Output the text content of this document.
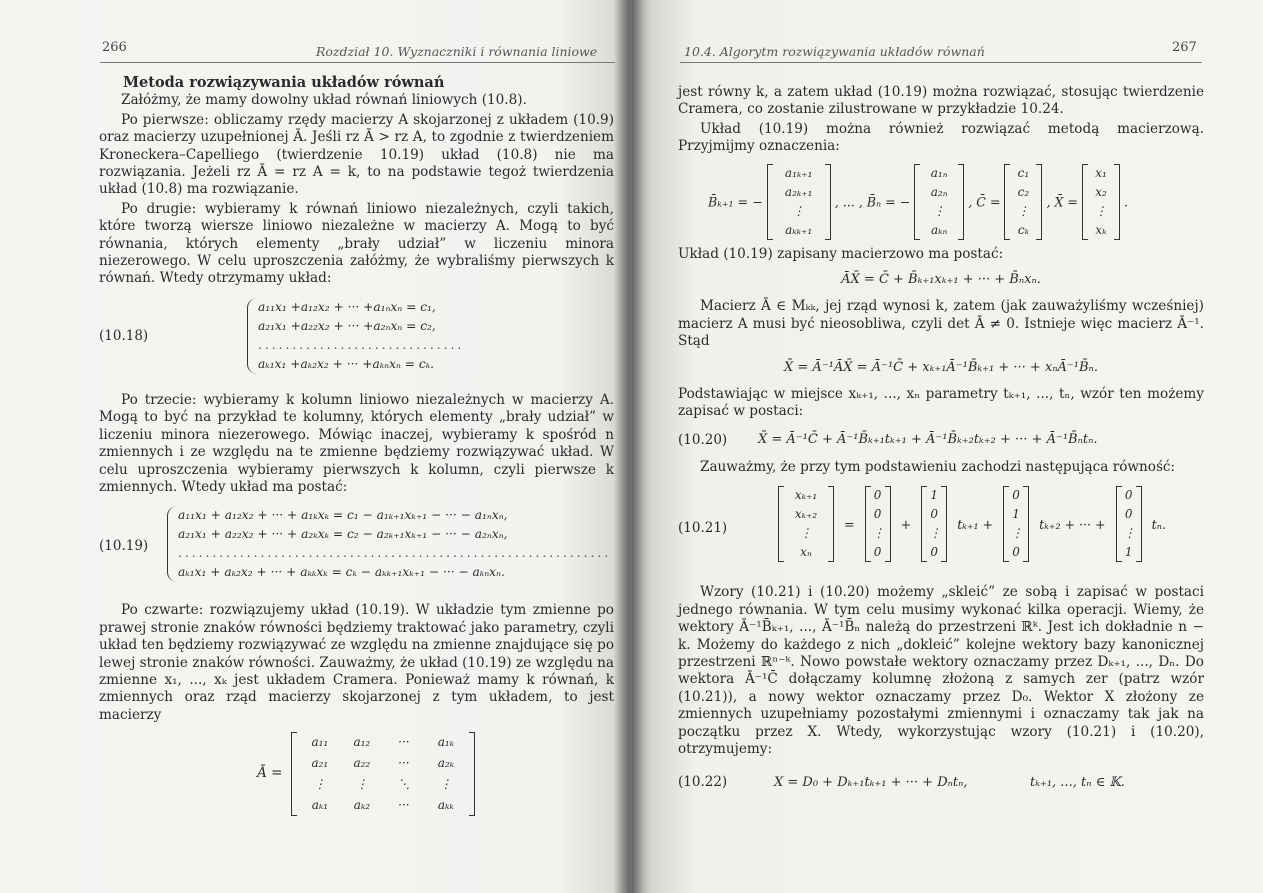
266	Rozdział 10. Wyznaczniki i równania liniowe

Metoda rozwiązywania układów równań

Załóżmy, że mamy dowolny układ równań liniowych (10.8).

Po pierwsze: obliczamy rzędy macierzy A skojarzonej z układem (10.9) oraz macierzy uzupełnionej Ā. Jeśli rz Ā > rz A, to zgodnie z twierdzeniem Kroneckera–Capelliego (twierdzenie 10.19) układ (10.8) nie ma rozwiązania. Jeżeli rz Ā = rz A = k, to na podstawie tegoż twierdzenia układ (10.8) ma rozwiązanie.

Po drugie: wybieramy k równań liniowo niezależnych, czyli takich, które tworzą wiersze liniowo niezależne w macierzy A. Mogą to być równania, których elementy „brały udział” w liczeniu minora niezerowego. W celu uproszczenia załóżmy, że wybraliśmy pierwszych k równań. Wtedy otrzymamy układ:

(10.18)
a₁₁x₁ +a₁₂x₂ + ··· +a₁ₙxₙ = c₁,
a₂₁x₁ +a₂₂x₂ + ··· +a₂ₙxₙ = c₂,
..............................
aₖ₁x₁ +aₖ₂x₂ + ··· +aₖₙxₙ = cₖ.

Po trzecie: wybieramy k kolumn liniowo niezależnych w macierzy A. Mogą to być na przykład te kolumny, których elementy „brały udział” w liczeniu minora niezerowego. Mówiąc inaczej, wybieramy k spośród n zmiennych i ze względu na te zmienne będziemy rozwiązywać układ. W celu uproszczenia wybieramy pierwszych k kolumn, czyli pierwsze k zmiennych. Wtedy układ ma postać:

(10.19)
a₁₁x₁ + a₁₂x₂ + ··· + a₁ₖxₖ = c₁ − a₁ₖ₊₁xₖ₊₁ − ··· − a₁ₙxₙ,
a₂₁x₁ + a₂₂x₂ + ··· + a₂ₖxₖ = c₂ − a₂ₖ₊₁xₖ₊₁ − ··· − a₂ₙxₙ,
...............................................................
aₖ₁x₁ + aₖ₂x₂ + ··· + aₖₖxₖ = cₖ − aₖₖ₊₁xₖ₊₁ − ··· − aₖₙxₙ.

Po czwarte: rozwiązujemy układ (10.19). W układzie tym zmienne po prawej stronie znaków równości będziemy traktować jako parametry, czyli układ ten będziemy rozwiązywać ze względu na zmienne znajdujące się po lewej stronie znaków równości. Zauważmy, że układ (10.19) ze względu na zmienne x₁, ..., xₖ jest układem Cramera. Ponieważ mamy k równań, k zmiennych oraz rząd macierzy skojarzonej z tym układem, to jest macierzy

Ā =
a₁₁	a₁₂	···	a₁ₖ
a₂₁	a₂₂	···	a₂ₖ
⋮	⋮	⋱	⋮
aₖ₁	aₖ₂	···	aₖₖ
10.4. Algorytm rozwiązywania układów równań	267

jest równy k, a zatem układ (10.19) można rozwiązać, stosując twierdzenie Cramera, co zostanie zilustrowane w przykładzie 10.24.

Układ (10.19) można również rozwiązać metodą macierzową. Przyjmijmy oznaczenia:

B̄ₖ₊₁ = −
a₁ₖ₊₁
a₂ₖ₊₁
⋮
aₖₖ₊₁
, ... , B̄ₙ = −
a₁ₙ
a₂ₙ
⋮
aₖₙ
, C̄ =
c₁
c₂
⋮
cₖ
, X̄ =
x₁
x₂
⋮
xₖ
.

Układ (10.19) zapisany macierzowo ma postać:

ĀX̄ = C̄ + B̄ₖ₊₁xₖ₊₁ + ··· + B̄ₙxₙ.

Macierz Ā ∈ Mₖₖ, jej rząd wynosi k, zatem (jak zauważyliśmy wcześniej) macierz A musi być nieosobliwa, czyli det Ā ≠ 0. Istnieje więc macierz Ā⁻¹. Stąd

X̄ = Ā⁻¹ĀX̄ = Ā⁻¹C̄ + xₖ₊₁Ā⁻¹B̄ₖ₊₁ + ··· + xₙĀ⁻¹B̄ₙ.

Podstawiając w miejsce xₖ₊₁, ..., xₙ parametry tₖ₊₁, ..., tₙ, wzór ten możemy zapisać w postaci:

(10.20) X̄ = Ā⁻¹C̄ + Ā⁻¹B̄ₖ₊₁tₖ₊₁ + Ā⁻¹B̄ₖ₊₂tₖ₊₂ + ··· + Ā⁻¹B̄ₙtₙ.

Zauważmy, że przy tym podstawieniu zachodzi następująca równość:

(10.21)
xₖ₊₁
xₖ₊₂
⋮
xₙ
=
0
0
⋮
0
+
1
0
⋮
0
tₖ₊₁ +
0
1
⋮
0
tₖ₊₂ + ··· +
0
0
⋮
1
tₙ.

Wzory (10.21) i (10.20) możemy „skleić” ze sobą i zapisać w postaci jednego równania. W tym celu musimy wykonać kilka operacji. Wiemy, że wektory Ā⁻¹B̄ₖ₊₁, ..., Ā⁻¹B̄ₙ należą do przestrzeni ℝᵏ. Jest ich dokładnie n − k. Możemy do każdego z nich „dokleić” kolejne wektory bazy kanonicznej przestrzeni ℝⁿ⁻ᵏ. Nowo powstałe wektory oznaczamy przez Dₖ₊₁, ..., Dₙ. Do wektora Ā⁻¹C̄ dołączamy kolumnę złożoną z samych zer (patrz wzór (10.21)), a nowy wektor oznaczamy przez D₀. Wektor X złożony ze zmiennych uzupełniamy pozostałymi zmiennymi i oznaczamy tak jak na początku przez X. Wtedy, wykorzystując wzory (10.21) i (10.20), otrzymujemy:

(10.22)	X = D₀ + Dₖ₊₁tₖ₊₁ + ··· + Dₙtₙ,	tₖ₊₁, ..., tₙ ∈ 𝕂.
